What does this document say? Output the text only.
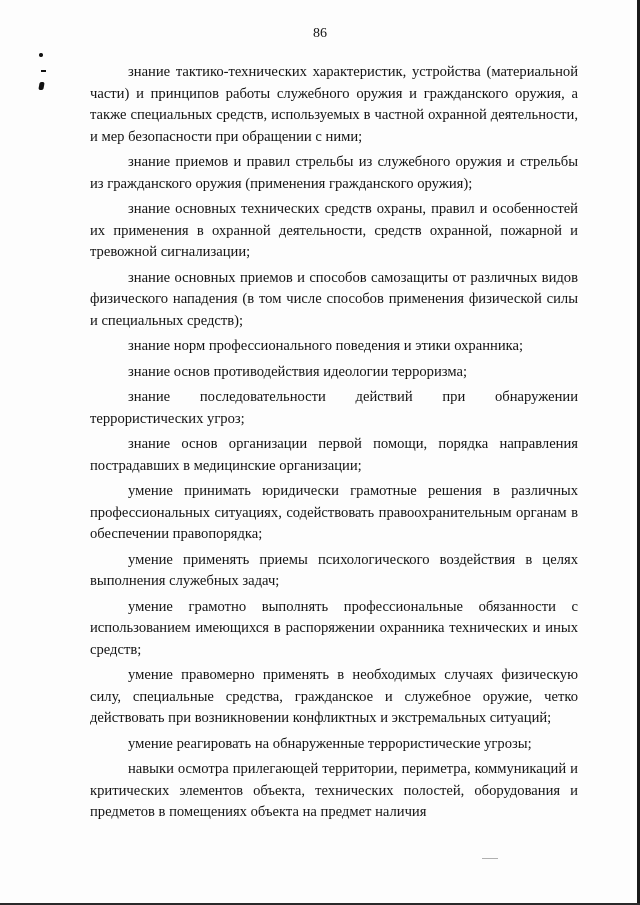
86

знание тактико-технических характеристик, устройства (материальной части) и принципов работы служебного оружия и гражданского оружия, а также специальных средств, используемых в частной охранной деятельности, и мер безопасности при обращении с ними;

знание приемов и правил стрельбы из служебного оружия и стрельбы из гражданского оружия (применения гражданского оружия);

знание основных технических средств охраны, правил и особенностей их применения в охранной деятельности, средств охранной, пожарной и тревожной сигнализации;

знание основных приемов и способов самозащиты от различных видов физического нападения (в том числе способов применения физической силы и специальных средств);

знание норм профессионального поведения и этики охранника;

знание основ противодействия идеологии терроризма;

знание последовательности действий при обнаружении террористических угроз;

знание основ организации первой помощи, порядка направления пострадавших в медицинские организации;

умение принимать юридически грамотные решения в различных профессиональных ситуациях, содействовать правоохранительным органам в обеспечении правопорядка;

умение применять приемы психологического воздействия в целях выполнения служебных задач;

умение грамотно выполнять профессиональные обязанности с использованием имеющихся в распоряжении охранника технических и иных средств;

умение правомерно применять в необходимых случаях физическую силу, специальные средства, гражданское и служебное оружие, четко действовать при возникновении конфликтных и экстремальных ситуаций;

умение реагировать на обнаруженные террористические угрозы;

навыки осмотра прилегающей территории, периметра, коммуникаций и критических элементов объекта, технических полостей, оборудования и предметов в помещениях объекта на предмет наличия
